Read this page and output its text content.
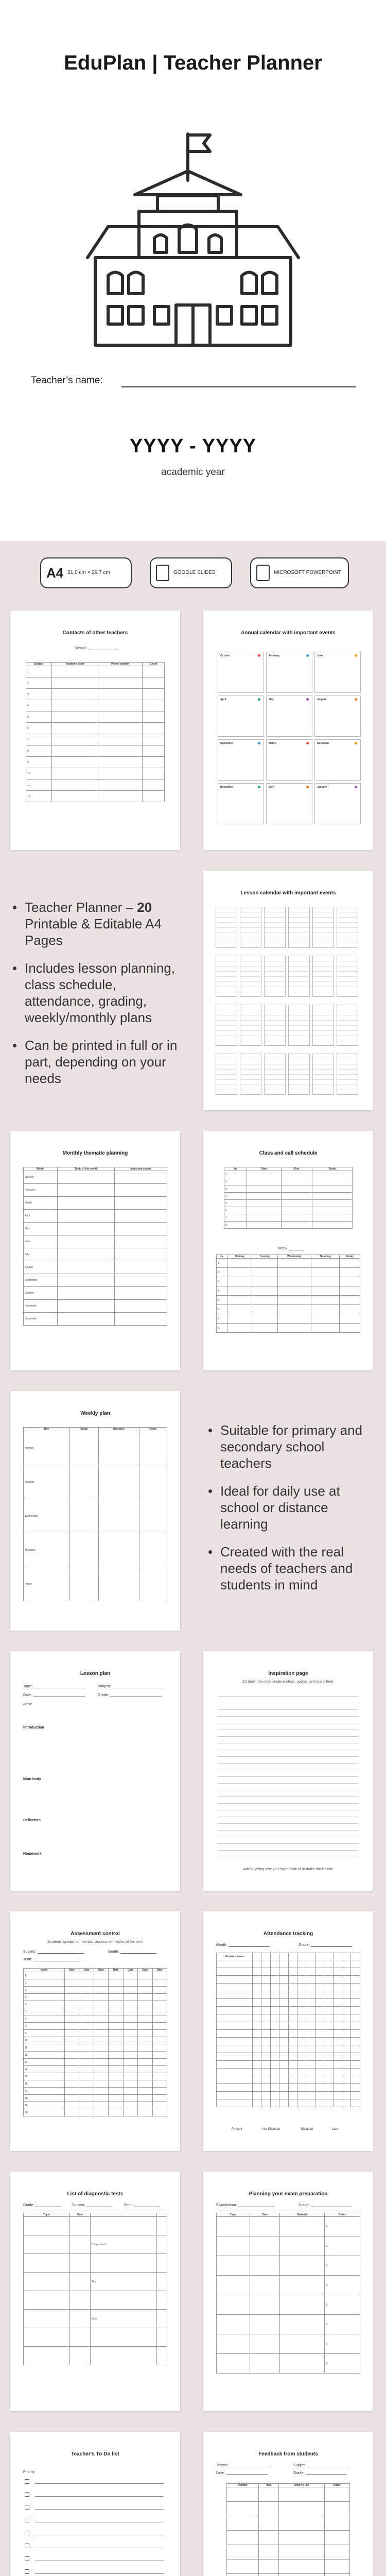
EduPlan | Teacher Planner
Teacher’s name:
YYYY - YYYY
academic year
A4 21.0 cm × 29.7 cm	GOOGLE SLIDES	MICROSOFT POWERPOINT
Contacts of other teachers
School:
Subject	Teacher's name	Phone number	E-mail
1.			
2.			
3.			
4.			
5.			
6.			
7.			
8.			
9.			
10.			
11.			
12.			
Annual calendar with important events
October	February	June
April	May	August
September	March	December
November	July	January
• Teacher Planner – 20 Printable & Editable A4 Pages
• Includes lesson planning, class schedule, attendance, grading, weekly/monthly plans
• Can be printed in full or in part, depending on your needs
Lesson calendar with important events
Monthly thematic planning
Month	Topic of the month	Important events
January		
February		
March		
April		
May		
June		
July		
August		
September		
October		
November		
December		
Class and call schedule
№	Start	End	Break
1.			
2.			
3.			
4.			
5.			
6.			
7.			
8.			
Break
№	Monday	Tuesday	Wednesday	Thursday	Friday
1.					
2.					
3.					
4.					
5.					
6.					
7.					
8.					
Weekly plan
Day	Grade	Objective	Notes
Monday			
Tuesday			
Wednesday			
Thursday			
Friday			
• Suitable for primary and secondary school teachers
• Ideal for daily use at school or distance learning
• Created with the real needs of teachers and students in mind
Lesson plan
Topic:	Subject:
Date:	Grade:
Aims:
Introduction
Main body
Reflection
Homework
Inspiration page
Jot down the most creative ideas, quotes, and plans here:
Add anything else you might think of to make the lesson!
Assessment control
Students' grades for thematic assessment works of the term
Subject:	Grade:
Term:
Name	Date	Date	Date	Date	Date	Date	Date
1.							
2.							
3.							
4.							
5.							
6.							
7.							
8.							
9.							
10.							
11.							
12.							
13.							
14.							
15.							
16.							
17.							
18.							
19.							
20.							
Attendance tracking
Month:	Grade:
Student's name												

Present	Not Excused	Excused	Late
List of diagnostic tests
Grade:	Subject:	Term:
Topic	Date		

		Chapter test	

		Test	

		Quiz	

Planning your exam preparation
Examination:	Grade:
Topic	Date	Material	Notes
			1.
			2.
			3.
			4.
			5.
			6.
			7.
			8.
Teacher's To-Do list
Priority
Feedback from students
Theme:	Subject:
Date:	Grade:
Number	Idea	What I'd like	Notes
